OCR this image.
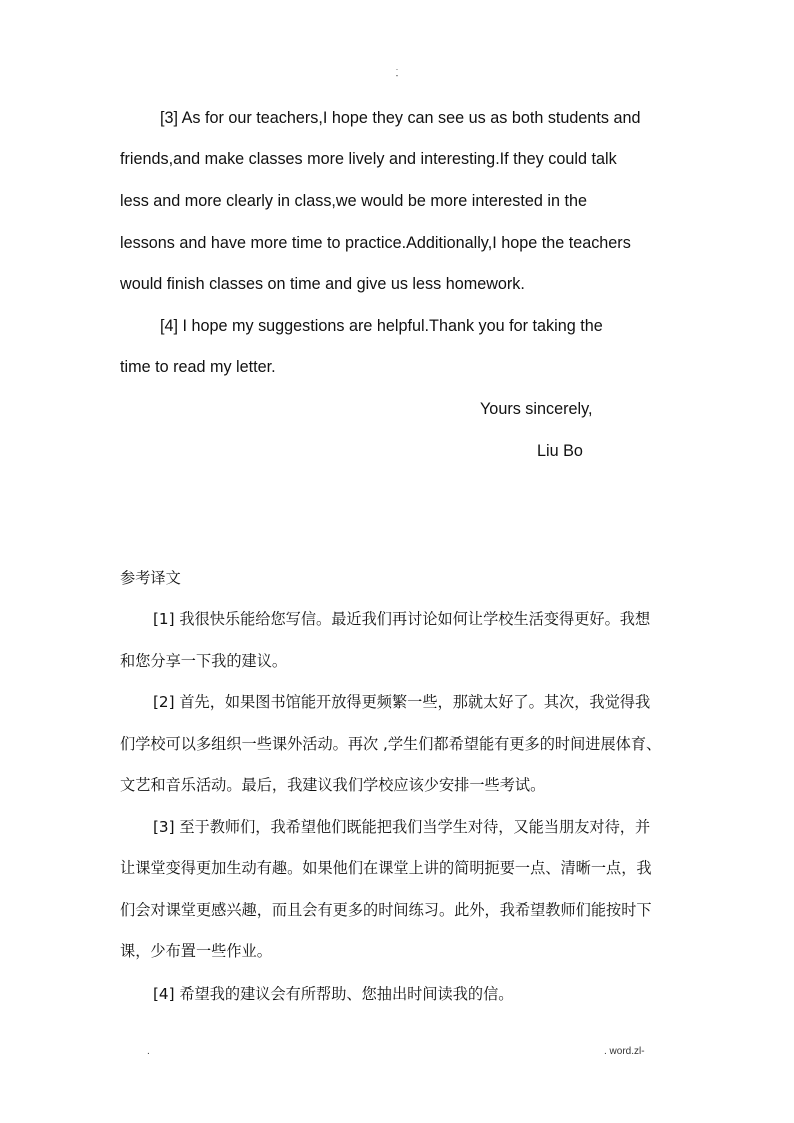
.
-
[3] As for our teachers,I hope they can see us as both students and
friends,and make classes more lively and interesting.If they could talk
less and more clearly in class,we would be more interested in the
lessons and have more time to practice.Additionally,I hope the teachers
would finish classes on time and give us less homework.
[4] I hope my suggestions are helpful.Thank you for taking the
time to read my letter.
Yours sincerely,
Liu Bo
参考译文
[1] 我很快乐能给您写信。最近我们再讨论如何让学校生活变得更好。我想
和您分享一下我的建议。
[2] 首先，如果图书馆能开放得更频繁一些，那就太好了。其次，我觉得我
们学校可以多组织一些课外活动。再次 ,学生们都希望能有更多的时间进展体育、
文艺和音乐活动。最后，我建议我们学校应该少安排一些考试。
[3] 至于教师们，我希望他们既能把我们当学生对待，又能当朋友对待，并
让课堂变得更加生动有趣。如果他们在课堂上讲的简明扼要一点、清晰一点，我
们会对课堂更感兴趣，而且会有更多的时间练习。此外，我希望教师们能按时下
课，少布置一些作业。
[4] 希望我的建议会有所帮助、您抽出时间读我的信。
.	. word.zl-
